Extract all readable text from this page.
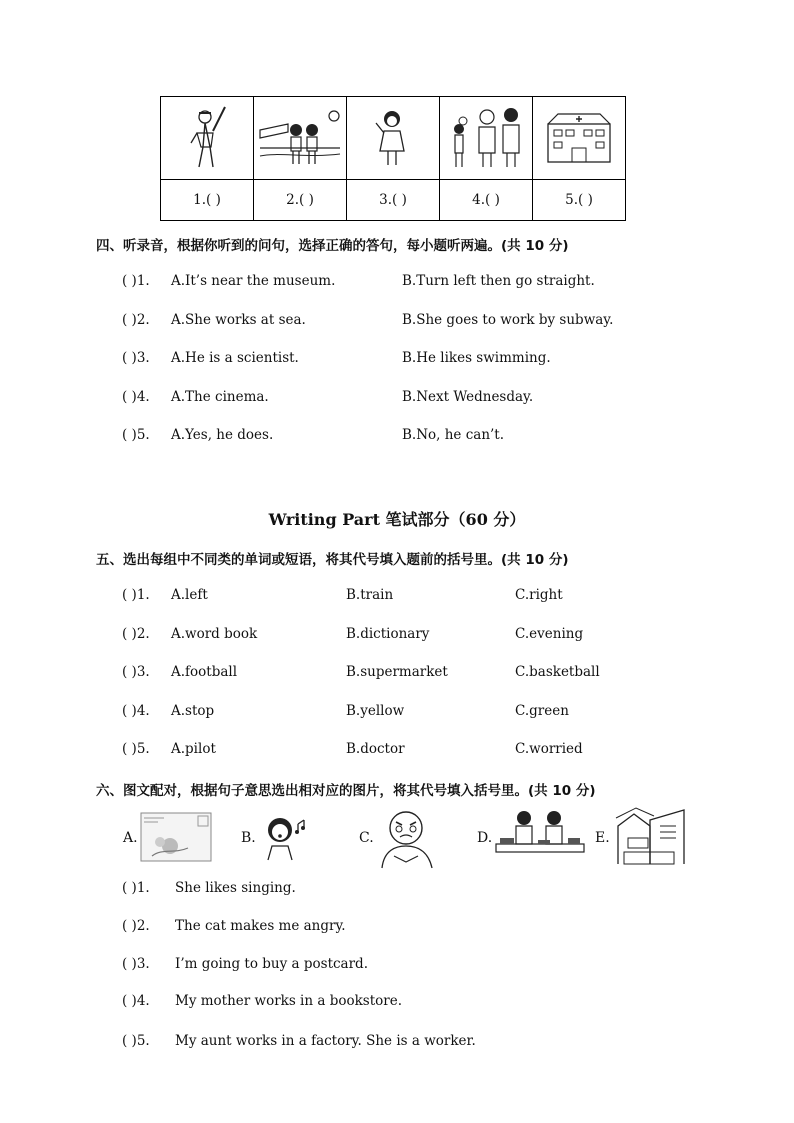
1.( )	2.( )	3.( )	4.( )	5.( )
四、听录音，根据你听到的问句，选择正确的答句，每小题听两遍。(共 10 分)
( )1. A.It’s near the museum.	B.Turn left then go straight.
( )2. A.She works at sea.	B.She goes to work by subway.
( )3. A.He is a scientist.	B.He likes swimming.
( )4. A.The cinema.	B.Next Wednesday.
( )5. A.Yes, he does.	B.No, he can’t.
Writing Part 笔试部分（60 分）
五、选出每组中不同类的单词或短语，将其代号填入题前的括号里。(共 10 分)
( )1. A.left	B.train	C.right
( )2. A.word book	B.dictionary	C.evening
( )3. A.football	B.supermarket	C.basketball
( )4. A.stop	B.yellow	C.green
( )5. A.pilot	B.doctor	C.worried
六、图文配对，根据句子意思选出相对应的图片，将其代号填入括号里。(共 10 分)
A.	B.	C.	D.	E.
( )1. She likes singing.
( )2. The cat makes me angry.
( )3. I’m going to buy a postcard.
( )4. My mother works in a bookstore.
( )5. My aunt works in a factory. She is a worker.
